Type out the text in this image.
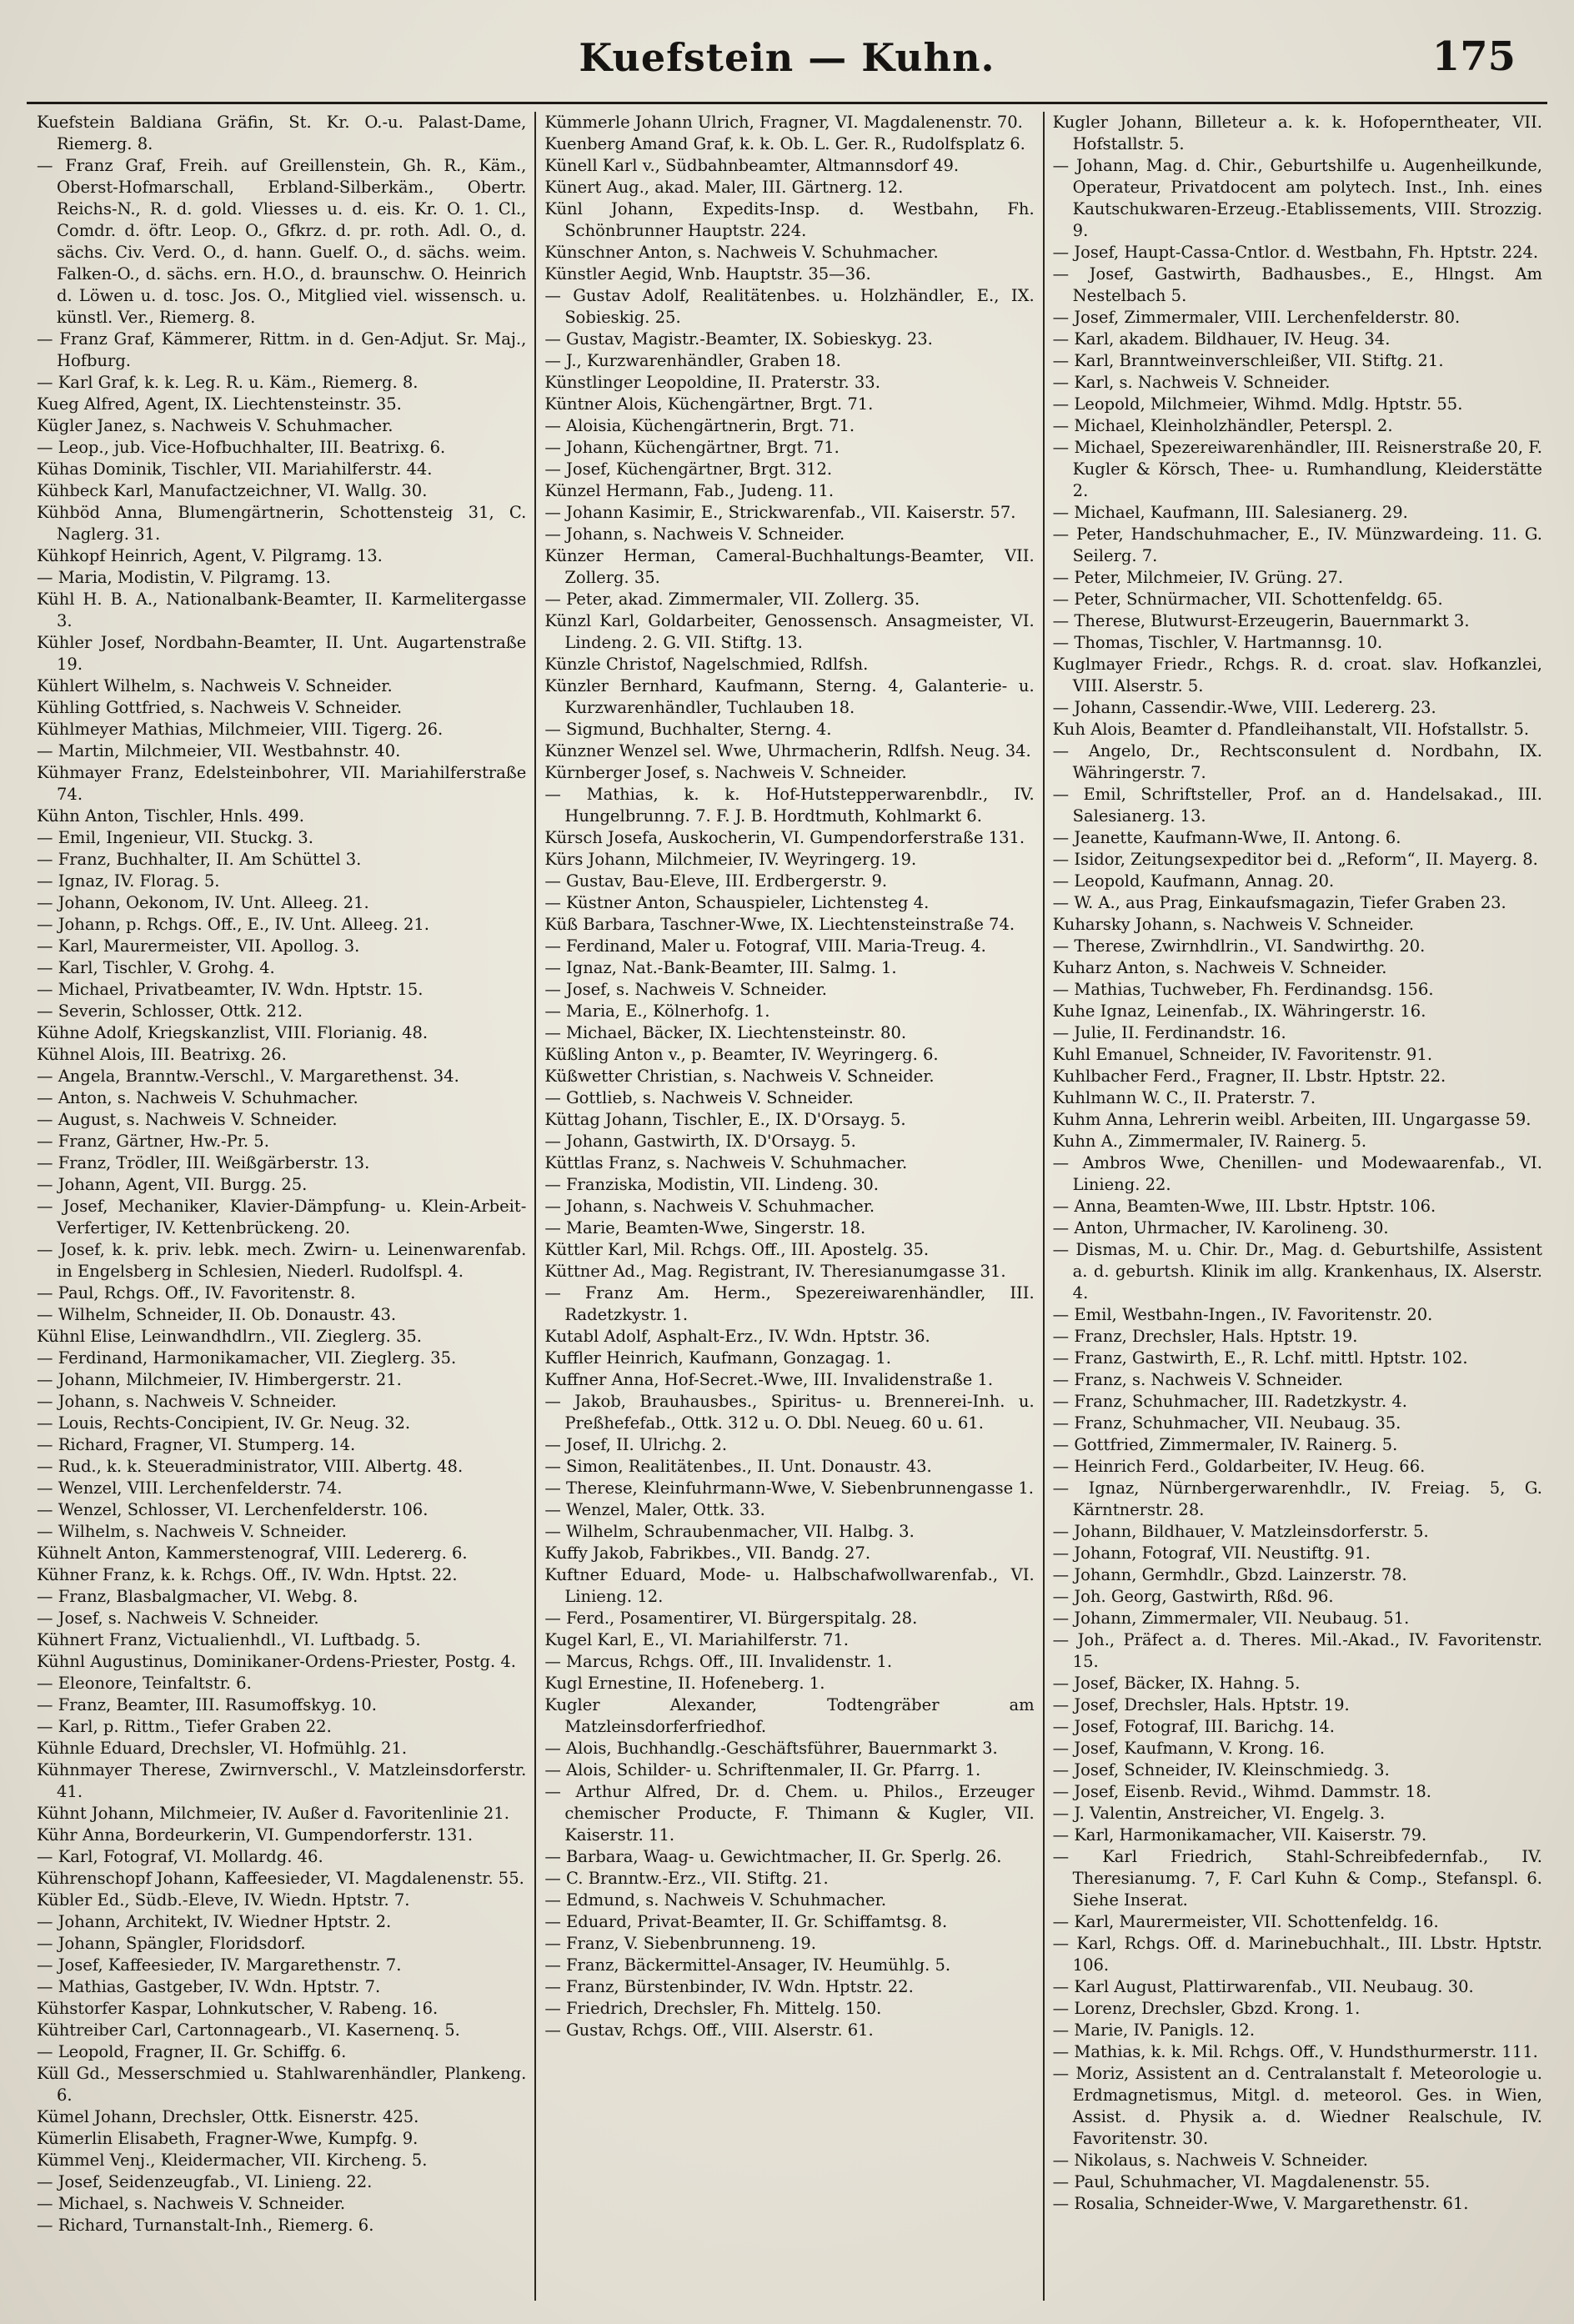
Kuefstein — Kuhn.	175

Kuefstein Baldiana Gräfin, St. Kr. O.-u. Palast-Dame, Riemerg. 8.

— Franz Graf, Freih. auf Greillenstein, Gh. R., Käm., Oberst-Hofmarschall, Erbland-Silberkäm., Obertr. Reichs-N., R. d. gold. Vliesses u. d. eis. Kr. O. 1. Cl., Comdr. d. öftr. Leop. O., Gfkrz. d. pr. roth. Adl. O., d. sächs. Civ. Verd. O., d. hann. Guelf. O., d. sächs. weim. Falken-O., d. sächs. ern. H.O., d. braunschw. O. Heinrich d. Löwen u. d. tosc. Jos. O., Mitglied viel. wissensch. u. künstl. Ver., Riemerg. 8.

— Franz Graf, Kämmerer, Rittm. in d. Gen-Adjut. Sr. Maj., Hofburg.

— Karl Graf, k. k. Leg. R. u. Käm., Riemerg. 8.

Kueg Alfred, Agent, IX. Liechtensteinstr. 35.

Kügler Janez, s. Nachweis V. Schuhmacher.

— Leop., jub. Vice-Hofbuchhalter, III. Beatrixg. 6.

Kühas Dominik, Tischler, VII. Mariahilferstr. 44.

Kühbeck Karl, Manufactzeichner, VI. Wallg. 30.

Kühböd Anna, Blumengärtnerin, Schottensteig 31, C. Naglerg. 31.

Kühkopf Heinrich, Agent, V. Pilgramg. 13.

— Maria, Modistin, V. Pilgramg. 13.

Kühl H. B. A., Nationalbank-Beamter, II. Karmelitergasse 3.

Kühler Josef, Nordbahn-Beamter, II. Unt. Augartenstraße 19.

Kühlert Wilhelm, s. Nachweis V. Schneider.

Kühling Gottfried, s. Nachweis V. Schneider.

Kühlmeyer Mathias, Milchmeier, VIII. Tigerg. 26.

— Martin, Milchmeier, VII. Westbahnstr. 40.

Kühmayer Franz, Edelsteinbohrer, VII. Mariahilferstraße 74.

Kühn Anton, Tischler, Hnls. 499.

— Emil, Ingenieur, VII. Stuckg. 3.

— Franz, Buchhalter, II. Am Schüttel 3.

— Ignaz, IV. Florag. 5.

— Johann, Oekonom, IV. Unt. Alleeg. 21.

— Johann, p. Rchgs. Off., E., IV. Unt. Alleeg. 21.

— Karl, Maurermeister, VII. Apollog. 3.

— Karl, Tischler, V. Grohg. 4.

— Michael, Privatbeamter, IV. Wdn. Hptstr. 15.

— Severin, Schlosser, Ottk. 212.

Kühne Adolf, Kriegskanzlist, VIII. Florianig. 48.

Kühnel Alois, III. Beatrixg. 26.

— Angela, Branntw.-Verschl., V. Margarethenst. 34.

— Anton, s. Nachweis V. Schuhmacher.

— August, s. Nachweis V. Schneider.

— Franz, Gärtner, Hw.-Pr. 5.

— Franz, Trödler, III. Weißgärberstr. 13.

— Johann, Agent, VII. Burgg. 25.

— Josef, Mechaniker, Klavier-Dämpfung- u. Klein-Arbeit-Verfertiger, IV. Kettenbrückeng. 20.

— Josef, k. k. priv. lebk. mech. Zwirn- u. Leinenwarenfab. in Engelsberg in Schlesien, Niederl. Rudolfspl. 4.

— Paul, Rchgs. Off., IV. Favoritenstr. 8.

— Wilhelm, Schneider, II. Ob. Donaustr. 43.

Kühnl Elise, Leinwandhdlrn., VII. Zieglerg. 35.

— Ferdinand, Harmonikamacher, VII. Zieglerg. 35.

— Johann, Milchmeier, IV. Himbergerstr. 21.

— Johann, s. Nachweis V. Schneider.

— Louis, Rechts-Concipient, IV. Gr. Neug. 32.

— Richard, Fragner, VI. Stumperg. 14.

— Rud., k. k. Steueradministrator, VIII. Albertg. 48.

— Wenzel, VIII. Lerchenfelderstr. 74.

— Wenzel, Schlosser, VI. Lerchenfelderstr. 106.

— Wilhelm, s. Nachweis V. Schneider.

Kühnelt Anton, Kammerstenograf, VIII. Ledererg. 6.

Kühner Franz, k. k. Rchgs. Off., IV. Wdn. Hptst. 22.

— Franz, Blasbalgmacher, VI. Webg. 8.

— Josef, s. Nachweis V. Schneider.

Kühnert Franz, Victualienhdl., VI. Luftbadg. 5.

Kühnl Augustinus, Dominikaner-Ordens-Priester, Postg. 4.

— Eleonore, Teinfaltstr. 6.

— Franz, Beamter, III. Rasumoffskyg. 10.

— Karl, p. Rittm., Tiefer Graben 22.

Kühnle Eduard, Drechsler, VI. Hofmühlg. 21.

Kühnmayer Therese, Zwirnverschl., V. Matzleinsdorferstr. 41.

Kühnt Johann, Milchmeier, IV. Außer d. Favoritenlinie 21.

Kühr Anna, Bordeurkerin, VI. Gumpendorferstr. 131.

— Karl, Fotograf, VI. Mollardg. 46.

Kührenschopf Johann, Kaffeesieder, VI. Magdalenenstr. 55.

Kübler Ed., Südb.-Eleve, IV. Wiedn. Hptstr. 7.

— Johann, Architekt, IV. Wiedner Hptstr. 2.

— Johann, Spängler, Floridsdorf.

— Josef, Kaffeesieder, IV. Margarethenstr. 7.

— Mathias, Gastgeber, IV. Wdn. Hptstr. 7.

Kühstorfer Kaspar, Lohnkutscher, V. Rabeng. 16.

Kühtreiber Carl, Cartonnagearb., VI. Kasernenq. 5.

— Leopold, Fragner, II. Gr. Schiffg. 6.

Küll Gd., Messerschmied u. Stahlwarenhändler, Plankeng. 6.

Kümel Johann, Drechsler, Ottk. Eisnerstr. 425.

Kümerlin Elisabeth, Fragner-Wwe, Kumpfg. 9.

Kümmel Venj., Kleidermacher, VII. Kircheng. 5.

— Josef, Seidenzeugfab., VI. Linieng. 22.

— Michael, s. Nachweis V. Schneider.

— Richard, Turnanstalt-Inh., Riemerg. 6.

Kümmerle Johann Ulrich, Fragner, VI. Magdalenenstr. 70.

Kuenberg Amand Graf, k. k. Ob. L. Ger. R., Rudolfsplatz 6.

Künell Karl v., Südbahnbeamter, Altmannsdorf 49.

Künert Aug., akad. Maler, III. Gärtnerg. 12.

Künl Johann, Expedits-Insp. d. Westbahn, Fh. Schönbrunner Hauptstr. 224.

Künschner Anton, s. Nachweis V. Schuhmacher.

Künstler Aegid, Wnb. Hauptstr. 35—36.

— Gustav Adolf, Realitätenbes. u. Holzhändler, E., IX. Sobieskig. 25.

— Gustav, Magistr.-Beamter, IX. Sobieskyg. 23.

— J., Kurzwarenhändler, Graben 18.

Künstlinger Leopoldine, II. Praterstr. 33.

Küntner Alois, Küchengärtner, Brgt. 71.

— Aloisia, Küchengärtnerin, Brgt. 71.

— Johann, Küchengärtner, Brgt. 71.

— Josef, Küchengärtner, Brgt. 312.

Künzel Hermann, Fab., Judeng. 11.

— Johann Kasimir, E., Strickwarenfab., VII. Kaiserstr. 57.

— Johann, s. Nachweis V. Schneider.

Künzer Herman, Cameral-Buchhaltungs-Beamter, VII. Zollerg. 35.

— Peter, akad. Zimmermaler, VII. Zollerg. 35.

Künzl Karl, Goldarbeiter, Genossensch. Ansagmeister, VI. Lindeng. 2. G. VII. Stiftg. 13.

Künzle Christof, Nagelschmied, Rdlfsh.

Künzler Bernhard, Kaufmann, Sterng. 4, Galanterie- u. Kurzwarenhändler, Tuchlauben 18.

— Sigmund, Buchhalter, Sterng. 4.

Künzner Wenzel sel. Wwe, Uhrmacherin, Rdlfsh. Neug. 34.

Kürnberger Josef, s. Nachweis V. Schneider.

— Mathias, k. k. Hof-Hutstepperwarenbdlr., IV. Hungelbrunng. 7. F. J. B. Hordtmuth, Kohlmarkt 6.

Kürsch Josefa, Auskocherin, VI. Gumpendorferstraße 131.

Kürs Johann, Milchmeier, IV. Weyringerg. 19.

— Gustav, Bau-Eleve, III. Erdbergerstr. 9.

— Küstner Anton, Schauspieler, Lichtensteg 4.

Küß Barbara, Taschner-Wwe, IX. Liechtensteinstraße 74.

— Ferdinand, Maler u. Fotograf, VIII. Maria-Treug. 4.

— Ignaz, Nat.-Bank-Beamter, III. Salmg. 1.

— Josef, s. Nachweis V. Schneider.

— Maria, E., Kölnerhofg. 1.

— Michael, Bäcker, IX. Liechtensteinstr. 80.

Küßling Anton v., p. Beamter, IV. Weyringerg. 6.

Küßwetter Christian, s. Nachweis V. Schneider.

— Gottlieb, s. Nachweis V. Schneider.

Küttag Johann, Tischler, E., IX. D'Orsayg. 5.

— Johann, Gastwirth, IX. D'Orsayg. 5.

Küttlas Franz, s. Nachweis V. Schuhmacher.

— Franziska, Modistin, VII. Lindeng. 30.

— Johann, s. Nachweis V. Schuhmacher.

— Marie, Beamten-Wwe, Singerstr. 18.

Küttler Karl, Mil. Rchgs. Off., III. Apostelg. 35.

Küttner Ad., Mag. Registrant, IV. Theresianumgasse 31.

— Franz Am. Herm., Spezereiwarenhändler, III. Radetzkystr. 1.

Kutabl Adolf, Asphalt-Erz., IV. Wdn. Hptstr. 36.

Kuffler Heinrich, Kaufmann, Gonzagag. 1.

Kuffner Anna, Hof-Secret.-Wwe, III. Invalidenstraße 1.

— Jakob, Brauhausbes., Spiritus- u. Brennerei-Inh. u. Preßhefefab., Ottk. 312 u. O. Dbl. Neueg. 60 u. 61.

— Josef, II. Ulrichg. 2.

— Simon, Realitätenbes., II. Unt. Donaustr. 43.

— Therese, Kleinfuhrmann-Wwe, V. Siebenbrunnengasse 1.

— Wenzel, Maler, Ottk. 33.

— Wilhelm, Schraubenmacher, VII. Halbg. 3.

Kuffy Jakob, Fabrikbes., VII. Bandg. 27.

Kuftner Eduard, Mode- u. Halbschafwollwarenfab., VI. Linieng. 12.

— Ferd., Posamentirer, VI. Bürgerspitalg. 28.

Kugel Karl, E., VI. Mariahilferstr. 71.

— Marcus, Rchgs. Off., III. Invalidenstr. 1.

Kugl Ernestine, II. Hofeneberg. 1.

Kugler Alexander, Todtengräber am Matzleinsdorferfriedhof.

— Alois, Buchhandlg.-Geschäftsführer, Bauernmarkt 3.

— Alois, Schilder- u. Schriftenmaler, II. Gr. Pfarrg. 1.

— Arthur Alfred, Dr. d. Chem. u. Philos., Erzeuger chemischer Producte, F. Thimann & Kugler, VII. Kaiserstr. 11.

— Barbara, Waag- u. Gewichtmacher, II. Gr. Sperlg. 26.

— C. Branntw.-Erz., VII. Stiftg. 21.

— Edmund, s. Nachweis V. Schuhmacher.

— Eduard, Privat-Beamter, II. Gr. Schiffamtsg. 8.

— Franz, V. Siebenbrunneng. 19.

— Franz, Bäckermittel-Ansager, IV. Heumühlg. 5.

— Franz, Bürstenbinder, IV. Wdn. Hptstr. 22.

— Friedrich, Drechsler, Fh. Mittelg. 150.

— Gustav, Rchgs. Off., VIII. Alserstr. 61.

Kugler Johann, Billeteur a. k. k. Hofoperntheater, VII. Hofstallstr. 5.

— Johann, Mag. d. Chir., Geburtshilfe u. Augenheilkunde, Operateur, Privatdocent am polytech. Inst., Inh. eines Kautschukwaren-Erzeug.-Etablissements, VIII. Strozzig. 9.

— Josef, Haupt-Cassa-Cntlor. d. Westbahn, Fh. Hptstr. 224.

— Josef, Gastwirth, Badhausbes., E., Hlngst. Am Nestelbach 5.

— Josef, Zimmermaler, VIII. Lerchenfelderstr. 80.

— Karl, akadem. Bildhauer, IV. Heug. 34.

— Karl, Branntweinverschleißer, VII. Stiftg. 21.

— Karl, s. Nachweis V. Schneider.

— Leopold, Milchmeier, Wihmd. Mdlg. Hptstr. 55.

— Michael, Kleinholzhändler, Peterspl. 2.

— Michael, Spezereiwarenhändler, III. Reisnerstraße 20, F. Kugler & Körsch, Thee- u. Rumhandlung, Kleiderstätte 2.

— Michael, Kaufmann, III. Salesianerg. 29.

— Peter, Handschuhmacher, E., IV. Münzwardeing. 11. G. Seilerg. 7.

— Peter, Milchmeier, IV. Grüng. 27.

— Peter, Schnürmacher, VII. Schottenfeldg. 65.

— Therese, Blutwurst-Erzeugerin, Bauernmarkt 3.

— Thomas, Tischler, V. Hartmannsg. 10.

Kuglmayer Friedr., Rchgs. R. d. croat. slav. Hofkanzlei, VIII. Alserstr. 5.

— Johann, Cassendir.-Wwe, VIII. Ledererg. 23.

Kuh Alois, Beamter d. Pfandleihanstalt, VII. Hofstallstr. 5.

— Angelo, Dr., Rechtsconsulent d. Nordbahn, IX. Währingerstr. 7.

— Emil, Schriftsteller, Prof. an d. Handelsakad., III. Salesianerg. 13.

— Jeanette, Kaufmann-Wwe, II. Antong. 6.

— Isidor, Zeitungsexpeditor bei d. „Reform“, II. Mayerg. 8.

— Leopold, Kaufmann, Annag. 20.

— W. A., aus Prag, Einkaufsmagazin, Tiefer Graben 23.

Kuharsky Johann, s. Nachweis V. Schneider.

— Therese, Zwirnhdlrin., VI. Sandwirthg. 20.

Kuharz Anton, s. Nachweis V. Schneider.

— Mathias, Tuchweber, Fh. Ferdinandsg. 156.

Kuhe Ignaz, Leinenfab., IX. Währingerstr. 16.

— Julie, II. Ferdinandstr. 16.

Kuhl Emanuel, Schneider, IV. Favoritenstr. 91.

Kuhlbacher Ferd., Fragner, II. Lbstr. Hptstr. 22.

Kuhlmann W. C., II. Praterstr. 7.

Kuhm Anna, Lehrerin weibl. Arbeiten, III. Ungargasse 59.

Kuhn A., Zimmermaler, IV. Rainerg. 5.

— Ambros Wwe, Chenillen- und Modewaarenfab., VI. Linieng. 22.

— Anna, Beamten-Wwe, III. Lbstr. Hptstr. 106.

— Anton, Uhrmacher, IV. Karolineng. 30.

— Dismas, M. u. Chir. Dr., Mag. d. Geburtshilfe, Assistent a. d. geburtsh. Klinik im allg. Krankenhaus, IX. Alserstr. 4.

— Emil, Westbahn-Ingen., IV. Favoritenstr. 20.

— Franz, Drechsler, Hals. Hptstr. 19.

— Franz, Gastwirth, E., R. Lchf. mittl. Hptstr. 102.

— Franz, s. Nachweis V. Schneider.

— Franz, Schuhmacher, III. Radetzkystr. 4.

— Franz, Schuhmacher, VII. Neubaug. 35.

— Gottfried, Zimmermaler, IV. Rainerg. 5.

— Heinrich Ferd., Goldarbeiter, IV. Heug. 66.

— Ignaz, Nürnbergerwarenhdlr., IV. Freiag. 5, G. Kärntnerstr. 28.

— Johann, Bildhauer, V. Matzleinsdorferstr. 5.

— Johann, Fotograf, VII. Neustiftg. 91.

— Johann, Germhdlr., Gbzd. Lainzerstr. 78.

— Joh. Georg, Gastwirth, Rßd. 96.

— Johann, Zimmermaler, VII. Neubaug. 51.

— Joh., Präfect a. d. Theres. Mil.-Akad., IV. Favoritenstr. 15.

— Josef, Bäcker, IX. Hahng. 5.

— Josef, Drechsler, Hals. Hptstr. 19.

— Josef, Fotograf, III. Barichg. 14.

— Josef, Kaufmann, V. Krong. 16.

— Josef, Schneider, IV. Kleinschmiedg. 3.

— Josef, Eisenb. Revid., Wihmd. Dammstr. 18.

— J. Valentin, Anstreicher, VI. Engelg. 3.

— Karl, Harmonikamacher, VII. Kaiserstr. 79.

— Karl Friedrich, Stahl-Schreibfedernfab., IV. Theresianumg. 7, F. Carl Kuhn & Comp., Stefanspl. 6. Siehe Inserat.

— Karl, Maurermeister, VII. Schottenfeldg. 16.

— Karl, Rchgs. Off. d. Marinebuchhalt., III. Lbstr. Hptstr. 106.

— Karl August, Plattirwarenfab., VII. Neubaug. 30.

— Lorenz, Drechsler, Gbzd. Krong. 1.

— Marie, IV. Panigls. 12.

— Mathias, k. k. Mil. Rchgs. Off., V. Hundsthurmerstr. 111.

— Moriz, Assistent an d. Centralanstalt f. Meteorologie u. Erdmagnetismus, Mitgl. d. meteorol. Ges. in Wien, Assist. d. Physik a. d. Wiedner Realschule, IV. Favoritenstr. 30.

— Nikolaus, s. Nachweis V. Schneider.

— Paul, Schuhmacher, VI. Magdalenenstr. 55.

— Rosalia, Schneider-Wwe, V. Margarethenstr. 61.
